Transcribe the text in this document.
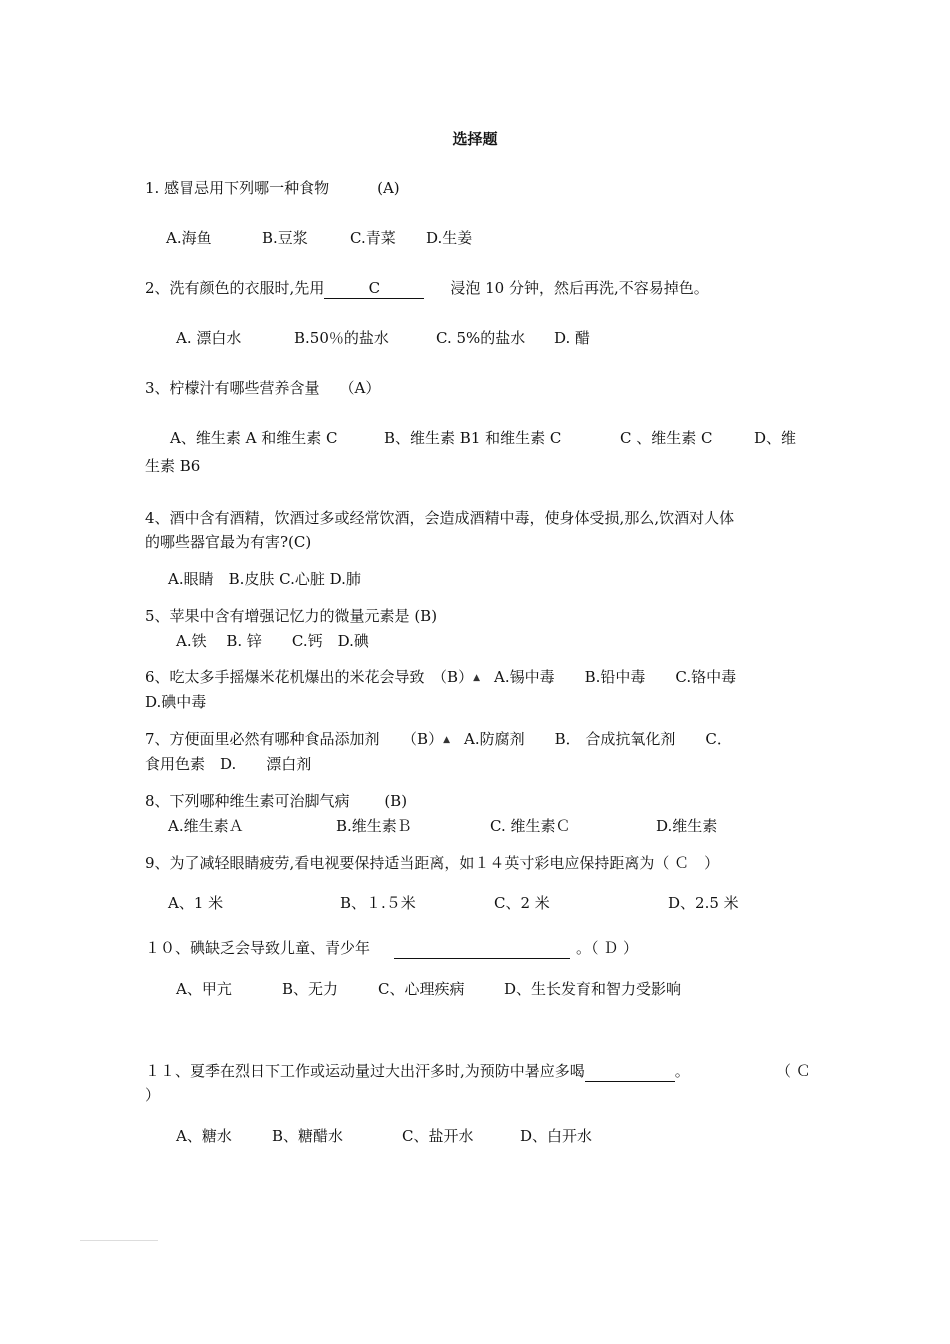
选择题
1. 感冒忌用下列哪一种食物	(A)
A.海鱼	B.豆浆	C.青菜 D.生姜
2、洗有颜色的衣服时,先用	C	浸泡 10 分钟，然后再洗,不容易掉色。
A. 漂白水	B.50％的盐水	C. 5%的盐水 D. 醋
3、柠檬汁有哪些营养含量 （A）
A、维生素 A 和维生素 C	B、维生素 B1 和维生素 C	C 、维生素 C	D、维
生素 B6
4、酒中含有酒精，饮酒过多或经常饮酒，会造成酒精中毒，使身体受损,那么,饮酒对人体
的哪些器官最为有害?(C)
A.眼睛　B.皮肤 C.心脏 D.肺
5、苹果中含有增强记忆力的微量元素是 (B)
A.铁　 B. 锌　　C.钙　D.碘
6、吃太多手摇爆米花机爆出的米花会导致　（B）▲ A.锡中毒　　B.铅中毒　　C.铬中毒
D.碘中毒
7、方便面里必然有哪种食品添加剂　　（B）▲ A.防腐剂　　B． 合成抗氧化剂　　C．
食用色素　D.　　漂白剂
8、下列哪种维生素可治脚气病　　 (B)
A.维生素Ａ	B.维生素Ｂ	C. 维生素Ｃ	D.维生素
9、为了减轻眼睛疲劳,看电视要保持适当距离，如１４英寸彩电应保持距离为（ Ｃ　）
A、1 米	B、１.５米	C、2 米	D、2.5 米
１０、碘缺乏会导致儿童、青少年	。（ Ｄ ）
A、甲亢	B、无力	C、心理疾病	D、生长发育和智力受影响
１１、夏季在烈日下工作或运动量过大出汗多时,为预防中暑应多喝	。	（ Ｃ
）
A、糖水	B、糖醋水	C、盐开水	D、白开水
